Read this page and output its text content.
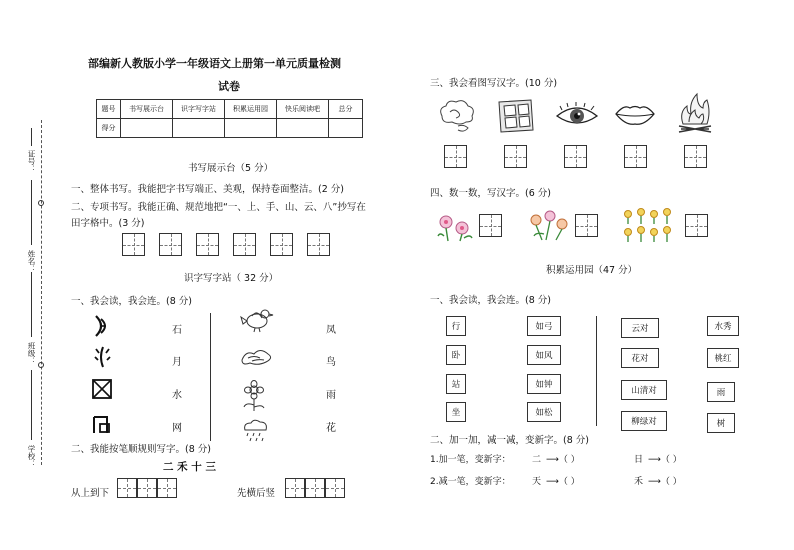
证号：
姓名：
班级：
学校：
部编新人教版小学一年级语文上册第一单元质量检测
试卷
题号	书写展示台	识字写字站	积累运用园	快乐阅读吧	总分
得分					
书写展示台（5 分）
一、整体书写。我能把字书写端正、美观，保持卷面整洁。(2 分)
二、专项书写。我能正确、规范地把“一、上、手、山、云、八”抄写在
田字格中。(3 分)
识字写字站（ 32 分）
一、我会读，我会连。(8 分)
石
月
水
网
凤
鸟
雨
花
二、我能按笔顺规则写字。(8 分)
二 禾 十 三
从上到下	先横后竖
三、我会看图写汉字。(10 分)
四、数一数，写汉字。(6 分)
积累运用园（47 分）
一、我会读，我会连。(8 分)
行
卧
站
坐
如弓
如风
如钟
如松
云对
花对
山清对
柳绿对
水秀
桃红
雨
树
二、加一加，减一减，变新字。(8 分)
1.加一笔，变新字： 二 ⟶（ ）	日 ⟶（ ）
2.减一笔，变新字： 天 ⟶（ ）	禾 ⟶（ ）
